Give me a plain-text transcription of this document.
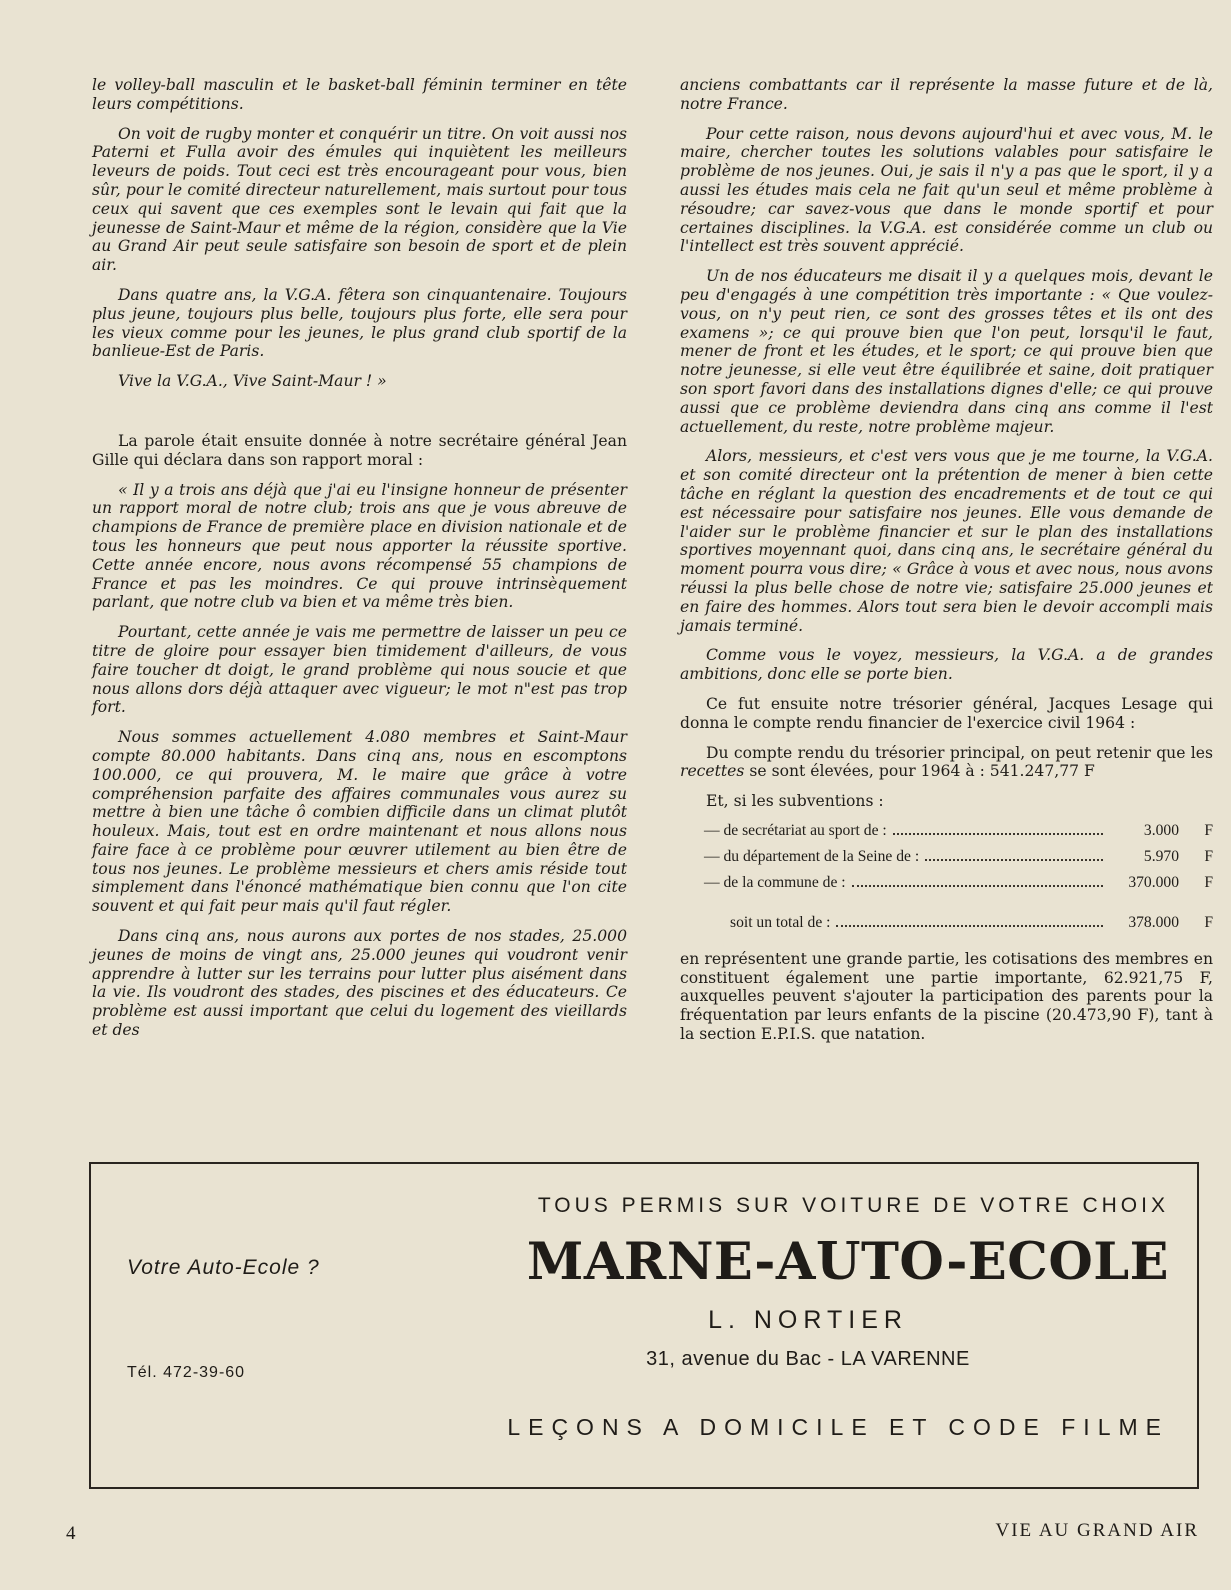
le volley-ball masculin et le basket-ball féminin terminer en tête leurs compétitions.

On voit de rugby monter et conquérir un titre. On voit aussi nos Paterni et Fulla avoir des émules qui inquiètent les meilleurs leveurs de poids. Tout ceci est très encourageant pour vous, bien sûr, pour le comité directeur naturellement, mais surtout pour tous ceux qui savent que ces exemples sont le levain qui fait que la jeunesse de Saint-Maur et même de la région, considère que la Vie au Grand Air peut seule satisfaire son besoin de sport et de plein air.

Dans quatre ans, la V.G.A. fêtera son cinquantenaire. Toujours plus jeune, toujours plus belle, toujours plus forte, elle sera pour les vieux comme pour les jeunes, le plus grand club sportif de la banlieue-Est de Paris.

Vive la V.G.A., Vive Saint-Maur ! »

La parole était ensuite donnée à notre secrétaire général Jean Gille qui déclara dans son rapport moral :

« Il y a trois ans déjà que j'ai eu l'insigne honneur de présenter un rapport moral de notre club; trois ans que je vous abreuve de champions de France de première place en division nationale et de tous les honneurs que peut nous apporter la réussite sportive. Cette année encore, nous avons récompensé 55 champions de France et pas les moindres. Ce qui prouve intrinsèquement parlant, que notre club va bien et va même très bien.

Pourtant, cette année je vais me permettre de laisser un peu ce titre de gloire pour essayer bien timidement d'ailleurs, de vous faire toucher dt doigt, le grand problème qui nous soucie et que nous allons dors déjà attaquer avec vigueur; le mot n"est pas trop fort.

Nous sommes actuellement 4.080 membres et Saint-Maur compte 80.000 habitants. Dans cinq ans, nous en escomptons 100.000, ce qui prouvera, M. le maire que grâce à votre compréhension parfaite des affaires communales vous aurez su mettre à bien une tâche ô combien difficile dans un climat plutôt houleux. Mais, tout est en ordre maintenant et nous allons nous faire face à ce problème pour œuvrer utilement au bien être de tous nos jeunes. Le problème messieurs et chers amis réside tout simplement dans l'énoncé mathématique bien connu que l'on cite souvent et qui fait peur mais qu'il faut régler.

Dans cinq ans, nous aurons aux portes de nos stades, 25.000 jeunes de moins de vingt ans, 25.000 jeunes qui voudront venir apprendre à lutter sur les terrains pour lutter plus aisément dans la vie. Ils voudront des stades, des piscines et des éducateurs. Ce problème est aussi important que celui du logement des vieillards et des

anciens combattants car il représente la masse future et de là, notre France.

Pour cette raison, nous devons aujourd'hui et avec vous, M. le maire, chercher toutes les solutions valables pour satisfaire le problème de nos jeunes. Oui, je sais il n'y a pas que le sport, il y a aussi les études mais cela ne fait qu'un seul et même problème à résoudre; car savez-vous que dans le monde sportif et pour certaines disciplines. la V.G.A. est considérée comme un club ou l'intellect est très souvent apprécié.

Un de nos éducateurs me disait il y a quelques mois, devant le peu d'engagés à une compétition très importante : « Que voulez-vous, on n'y peut rien, ce sont des grosses têtes et ils ont des examens »; ce qui prouve bien que l'on peut, lorsqu'il le faut, mener de front et les études, et le sport; ce qui prouve bien que notre jeunesse, si elle veut être équilibrée et saine, doit pratiquer son sport favori dans des installations dignes d'elle; ce qui prouve aussi que ce problème deviendra dans cinq ans comme il l'est actuellement, du reste, notre problème majeur.

Alors, messieurs, et c'est vers vous que je me tourne, la V.G.A. et son comité directeur ont la prétention de mener à bien cette tâche en réglant la question des encadrements et de tout ce qui est nécessaire pour satisfaire nos jeunes. Elle vous demande de l'aider sur le problème financier et sur le plan des installations sportives moyennant quoi, dans cinq ans, le secrétaire général du moment pourra vous dire; « Grâce à vous et avec nous, nous avons réussi la plus belle chose de notre vie; satisfaire 25.000 jeunes et en faire des hommes. Alors tout sera bien le devoir accompli mais jamais terminé.

Comme vous le voyez, messieurs, la V.G.A. a de grandes ambitions, donc elle se porte bien.

Ce fut ensuite notre trésorier général, Jacques Lesage qui donna le compte rendu financier de l'exercice civil 1964 :

Du compte rendu du trésorier principal, on peut retenir que les recettes se sont élevées, pour 1964 à : 541.247,77 F

Et, si les subventions :

— de secrétariat au sport de :	3.000	F
— du département de la Seine de :	5.970	F
— de la commune de :	370.000	F
soit un total de :	378.000	F

en représentent une grande partie, les cotisations des membres en constituent également une partie importante, 62.921,75 F, auxquelles peuvent s'ajouter la participation des parents pour la fréquentation par leurs enfants de la piscine (20.473,90 F), tant à la section E.P.I.S. que natation.

TOUS PERMIS SUR VOITURE DE VOTRE CHOIX
Votre Auto-Ecole ?	MARNE-AUTO-ECOLE
L. NORTIER
31, avenue du Bac - LA VARENNE
Tél. 472-39-60
LEÇONS A DOMICILE ET CODE FILME
4	VIE AU GRAND AIR
